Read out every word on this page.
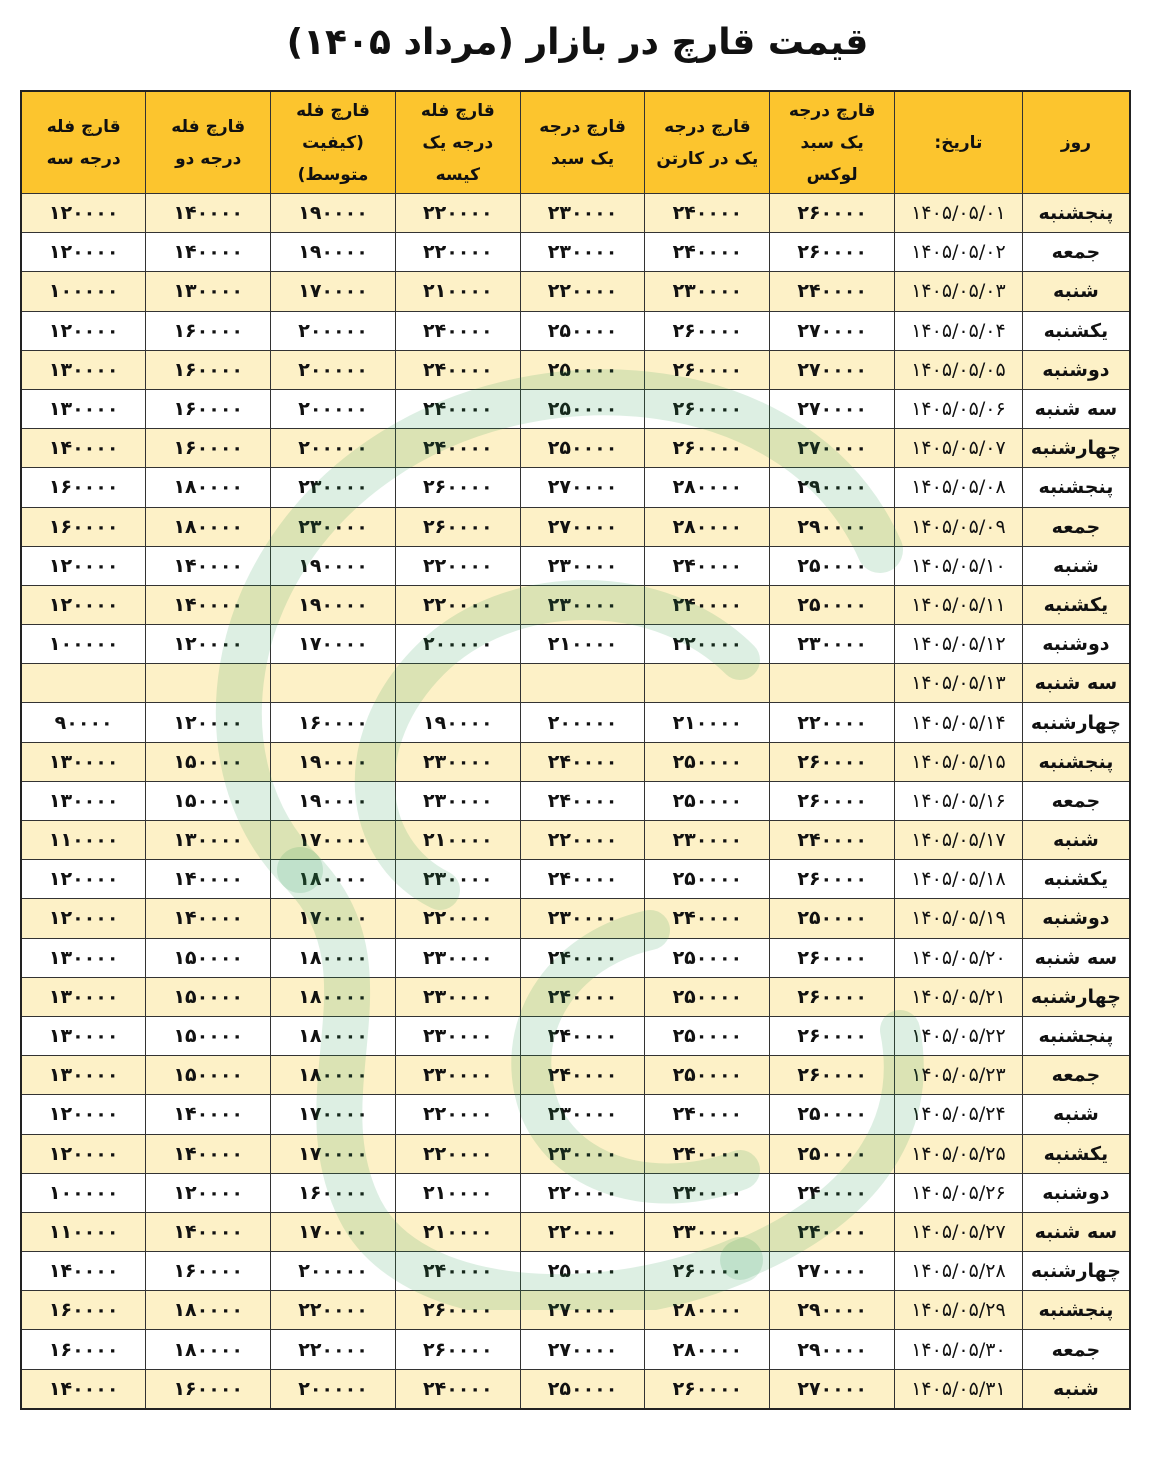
قیمت قارچ در بازار (مرداد ۱۴۰۵)
روز	تاریخ:	قارچ درجه یک سبد لوکس	قارچ درجه یک در کارتن	قارچ درجه یک سبد	قارچ فله درجه یک کیسه	قارچ فله (کیفیت متوسط)	قارچ فله درجه دو	قارچ فله درجه سه
پنجشنبه	۱۴۰۵/۰۵/۰۱	۲۶۰۰۰۰	۲۴۰۰۰۰	۲۳۰۰۰۰	۲۲۰۰۰۰	۱۹۰۰۰۰	۱۴۰۰۰۰	۱۲۰۰۰۰
جمعه	۱۴۰۵/۰۵/۰۲	۲۶۰۰۰۰	۲۴۰۰۰۰	۲۳۰۰۰۰	۲۲۰۰۰۰	۱۹۰۰۰۰	۱۴۰۰۰۰	۱۲۰۰۰۰
شنبه	۱۴۰۵/۰۵/۰۳	۲۴۰۰۰۰	۲۳۰۰۰۰	۲۲۰۰۰۰	۲۱۰۰۰۰	۱۷۰۰۰۰	۱۳۰۰۰۰	۱۰۰۰۰۰
یکشنبه	۱۴۰۵/۰۵/۰۴	۲۷۰۰۰۰	۲۶۰۰۰۰	۲۵۰۰۰۰	۲۴۰۰۰۰	۲۰۰۰۰۰	۱۶۰۰۰۰	۱۲۰۰۰۰
دوشنبه	۱۴۰۵/۰۵/۰۵	۲۷۰۰۰۰	۲۶۰۰۰۰	۲۵۰۰۰۰	۲۴۰۰۰۰	۲۰۰۰۰۰	۱۶۰۰۰۰	۱۳۰۰۰۰
سه شنبه	۱۴۰۵/۰۵/۰۶	۲۷۰۰۰۰	۲۶۰۰۰۰	۲۵۰۰۰۰	۲۴۰۰۰۰	۲۰۰۰۰۰	۱۶۰۰۰۰	۱۳۰۰۰۰
چهارشنبه	۱۴۰۵/۰۵/۰۷	۲۷۰۰۰۰	۲۶۰۰۰۰	۲۵۰۰۰۰	۲۴۰۰۰۰	۲۰۰۰۰۰	۱۶۰۰۰۰	۱۴۰۰۰۰
پنجشنبه	۱۴۰۵/۰۵/۰۸	۲۹۰۰۰۰	۲۸۰۰۰۰	۲۷۰۰۰۰	۲۶۰۰۰۰	۲۳۰۰۰۰	۱۸۰۰۰۰	۱۶۰۰۰۰
جمعه	۱۴۰۵/۰۵/۰۹	۲۹۰۰۰۰	۲۸۰۰۰۰	۲۷۰۰۰۰	۲۶۰۰۰۰	۲۳۰۰۰۰	۱۸۰۰۰۰	۱۶۰۰۰۰
شنبه	۱۴۰۵/۰۵/۱۰	۲۵۰۰۰۰	۲۴۰۰۰۰	۲۳۰۰۰۰	۲۲۰۰۰۰	۱۹۰۰۰۰	۱۴۰۰۰۰	۱۲۰۰۰۰
یکشنبه	۱۴۰۵/۰۵/۱۱	۲۵۰۰۰۰	۲۴۰۰۰۰	۲۳۰۰۰۰	۲۲۰۰۰۰	۱۹۰۰۰۰	۱۴۰۰۰۰	۱۲۰۰۰۰
دوشنبه	۱۴۰۵/۰۵/۱۲	۲۳۰۰۰۰	۲۲۰۰۰۰	۲۱۰۰۰۰	۲۰۰۰۰۰	۱۷۰۰۰۰	۱۲۰۰۰۰	۱۰۰۰۰۰
سه شنبه	۱۴۰۵/۰۵/۱۳							
چهارشنبه	۱۴۰۵/۰۵/۱۴	۲۲۰۰۰۰	۲۱۰۰۰۰	۲۰۰۰۰۰	۱۹۰۰۰۰	۱۶۰۰۰۰	۱۲۰۰۰۰	۹۰۰۰۰
پنجشنبه	۱۴۰۵/۰۵/۱۵	۲۶۰۰۰۰	۲۵۰۰۰۰	۲۴۰۰۰۰	۲۳۰۰۰۰	۱۹۰۰۰۰	۱۵۰۰۰۰	۱۳۰۰۰۰
جمعه	۱۴۰۵/۰۵/۱۶	۲۶۰۰۰۰	۲۵۰۰۰۰	۲۴۰۰۰۰	۲۳۰۰۰۰	۱۹۰۰۰۰	۱۵۰۰۰۰	۱۳۰۰۰۰
شنبه	۱۴۰۵/۰۵/۱۷	۲۴۰۰۰۰	۲۳۰۰۰۰	۲۲۰۰۰۰	۲۱۰۰۰۰	۱۷۰۰۰۰	۱۳۰۰۰۰	۱۱۰۰۰۰
یکشنبه	۱۴۰۵/۰۵/۱۸	۲۶۰۰۰۰	۲۵۰۰۰۰	۲۴۰۰۰۰	۲۳۰۰۰۰	۱۸۰۰۰۰	۱۴۰۰۰۰	۱۲۰۰۰۰
دوشنبه	۱۴۰۵/۰۵/۱۹	۲۵۰۰۰۰	۲۴۰۰۰۰	۲۳۰۰۰۰	۲۲۰۰۰۰	۱۷۰۰۰۰	۱۴۰۰۰۰	۱۲۰۰۰۰
سه شنبه	۱۴۰۵/۰۵/۲۰	۲۶۰۰۰۰	۲۵۰۰۰۰	۲۴۰۰۰۰	۲۳۰۰۰۰	۱۸۰۰۰۰	۱۵۰۰۰۰	۱۳۰۰۰۰
چهارشنبه	۱۴۰۵/۰۵/۲۱	۲۶۰۰۰۰	۲۵۰۰۰۰	۲۴۰۰۰۰	۲۳۰۰۰۰	۱۸۰۰۰۰	۱۵۰۰۰۰	۱۳۰۰۰۰
پنجشنبه	۱۴۰۵/۰۵/۲۲	۲۶۰۰۰۰	۲۵۰۰۰۰	۲۴۰۰۰۰	۲۳۰۰۰۰	۱۸۰۰۰۰	۱۵۰۰۰۰	۱۳۰۰۰۰
جمعه	۱۴۰۵/۰۵/۲۳	۲۶۰۰۰۰	۲۵۰۰۰۰	۲۴۰۰۰۰	۲۳۰۰۰۰	۱۸۰۰۰۰	۱۵۰۰۰۰	۱۳۰۰۰۰
شنبه	۱۴۰۵/۰۵/۲۴	۲۵۰۰۰۰	۲۴۰۰۰۰	۲۳۰۰۰۰	۲۲۰۰۰۰	۱۷۰۰۰۰	۱۴۰۰۰۰	۱۲۰۰۰۰
یکشنبه	۱۴۰۵/۰۵/۲۵	۲۵۰۰۰۰	۲۴۰۰۰۰	۲۳۰۰۰۰	۲۲۰۰۰۰	۱۷۰۰۰۰	۱۴۰۰۰۰	۱۲۰۰۰۰
دوشنبه	۱۴۰۵/۰۵/۲۶	۲۴۰۰۰۰	۲۳۰۰۰۰	۲۲۰۰۰۰	۲۱۰۰۰۰	۱۶۰۰۰۰	۱۲۰۰۰۰	۱۰۰۰۰۰
سه شنبه	۱۴۰۵/۰۵/۲۷	۲۴۰۰۰۰	۲۳۰۰۰۰	۲۲۰۰۰۰	۲۱۰۰۰۰	۱۷۰۰۰۰	۱۴۰۰۰۰	۱۱۰۰۰۰
چهارشنبه	۱۴۰۵/۰۵/۲۸	۲۷۰۰۰۰	۲۶۰۰۰۰	۲۵۰۰۰۰	۲۴۰۰۰۰	۲۰۰۰۰۰	۱۶۰۰۰۰	۱۴۰۰۰۰
پنجشنبه	۱۴۰۵/۰۵/۲۹	۲۹۰۰۰۰	۲۸۰۰۰۰	۲۷۰۰۰۰	۲۶۰۰۰۰	۲۲۰۰۰۰	۱۸۰۰۰۰	۱۶۰۰۰۰
جمعه	۱۴۰۵/۰۵/۳۰	۲۹۰۰۰۰	۲۸۰۰۰۰	۲۷۰۰۰۰	۲۶۰۰۰۰	۲۲۰۰۰۰	۱۸۰۰۰۰	۱۶۰۰۰۰
شنبه	۱۴۰۵/۰۵/۳۱	۲۷۰۰۰۰	۲۶۰۰۰۰	۲۵۰۰۰۰	۲۴۰۰۰۰	۲۰۰۰۰۰	۱۶۰۰۰۰	۱۴۰۰۰۰
